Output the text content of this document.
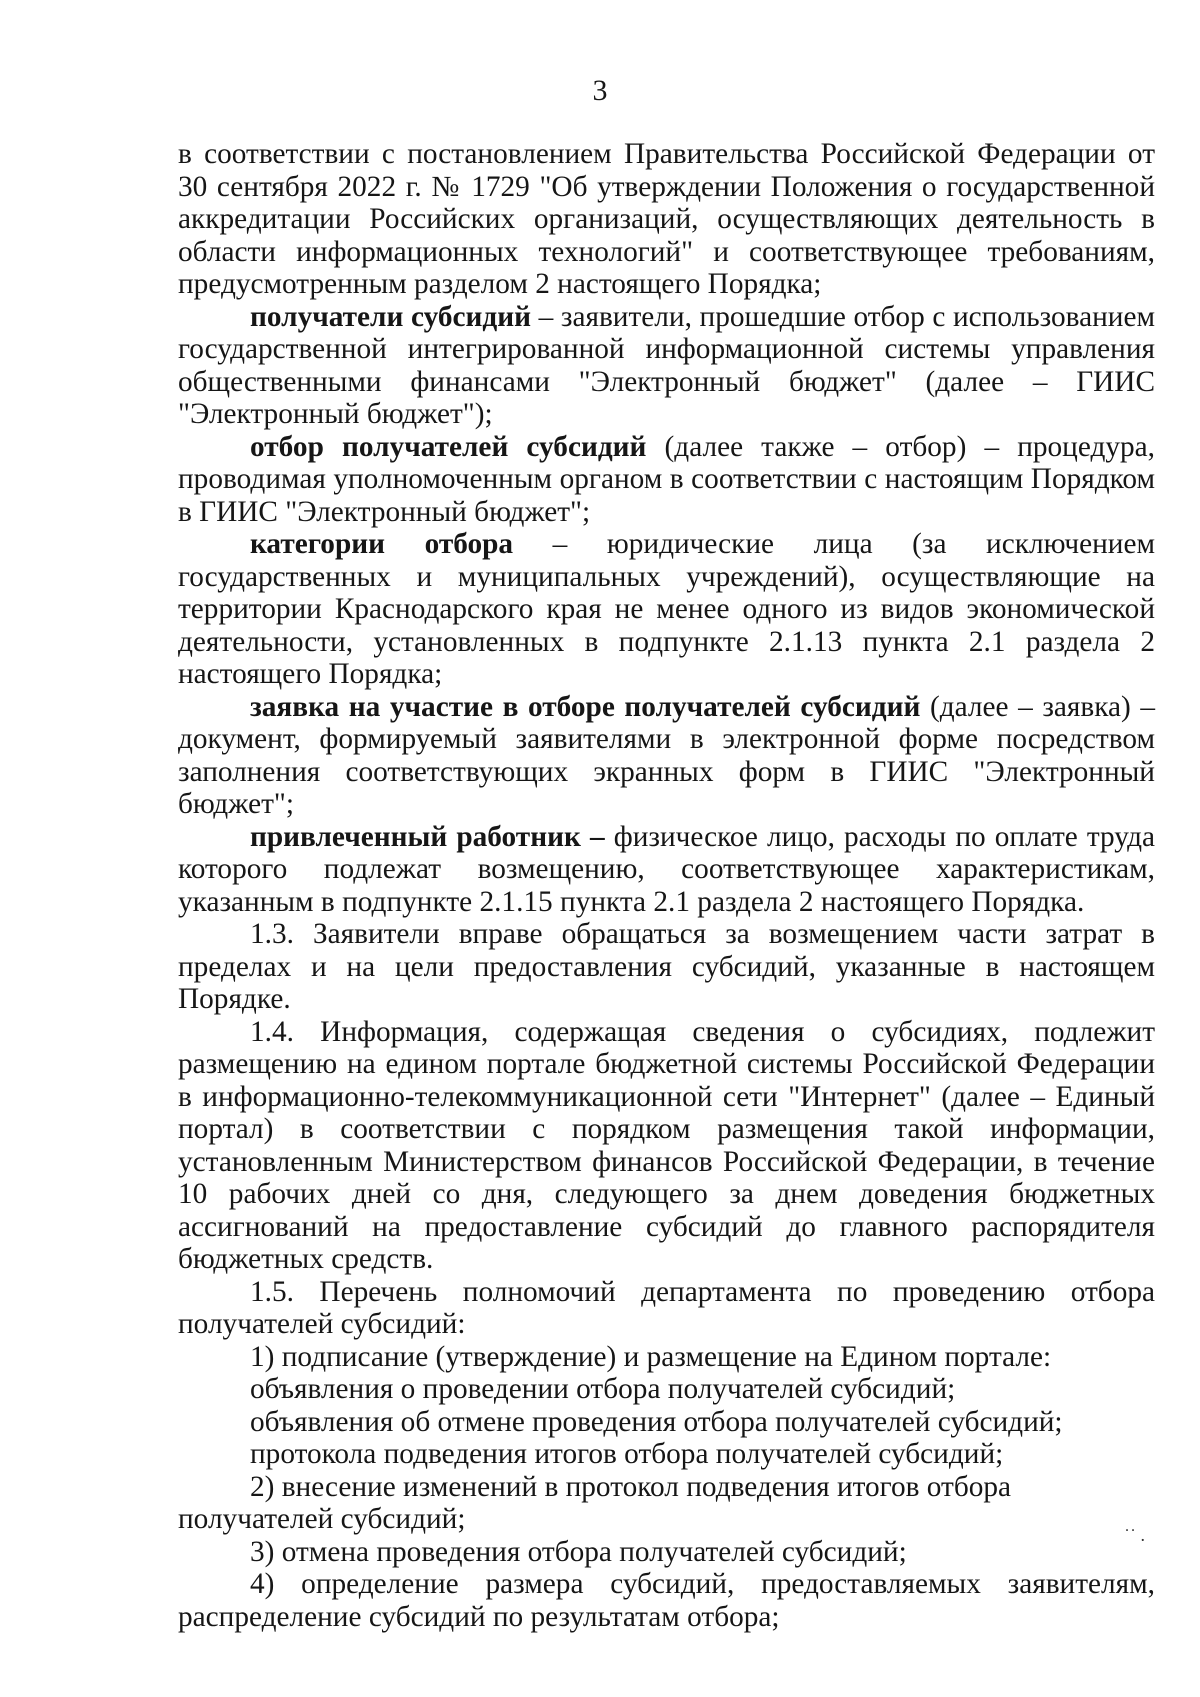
3

в соответствии с постановлением Правительства Российской Федерации от 30 сентября 2022 г. № 1729 "Об утверждении Положения о государственной аккредитации Российских организаций, осуществляющих деятельность в области информационных технологий" и соответствующее требованиям, предусмотренным разделом 2 настоящего Порядка;

получатели субсидий – заявители, прошедшие отбор с использованием государственной интегрированной информационной системы управления общественными финансами "Электронный бюджет" (далее – ГИИС "Электронный бюджет");

отбор получателей субсидий (далее также – отбор) – процедура, проводимая уполномоченным органом в соответствии с настоящим Порядком в ГИИС "Электронный бюджет";

категории отбора – юридические лица (за исключением государственных и муниципальных учреждений), осуществляющие на территории Краснодарского края не менее одного из видов экономической деятельности, установленных в подпункте 2.1.13 пункта 2.1 раздела 2 настоящего Порядка;

заявка на участие в отборе получателей субсидий (далее – заявка) – документ, формируемый заявителями в электронной форме посредством заполнения соответствующих экранных форм в ГИИС "Электронный бюджет";

привлеченный работник – физическое лицо, расходы по оплате труда которого подлежат возмещению, соответствующее характеристикам, указанным в подпункте 2.1.15 пункта 2.1 раздела 2 настоящего Порядка.

1.3. Заявители вправе обращаться за возмещением части затрат в пределах и на цели предоставления субсидий, указанные в настоящем Порядке.

1.4. Информация, содержащая сведения о субсидиях, подлежит размещению на едином портале бюджетной системы Российской Федерации в информационно-телекоммуникационной сети "Интернет" (далее – Единый портал) в соответствии с порядком размещения такой информации, установленным Министерством финансов Российской Федерации, в течение 10 рабочих дней со дня, следующего за днем доведения бюджетных ассигнований на предоставление субсидий до главного распорядителя бюджетных средств.

1.5. Перечень полномочий департамента по проведению отбора получателей субсидий:

1) подписание (утверждение) и размещение на Едином портале:

объявления о проведении отбора получателей субсидий;

объявления об отмене проведения отбора получателей субсидий;

протокола подведения итогов отбора получателей субсидий;

2) внесение изменений в протокол подведения итогов отбора получателей субсидий;

3) отмена проведения отбора получателей субсидий;

4) определение размера субсидий, предоставляемых заявителям, распределение субсидий по результатам отбора;

˙˙ .
